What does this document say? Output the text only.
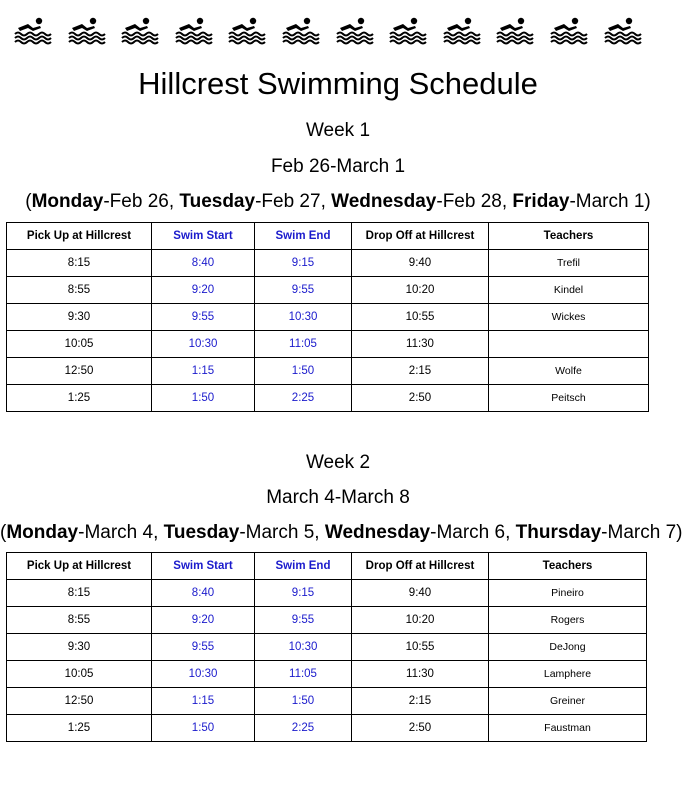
Hillcrest Swimming Schedule
Week 1
Feb 26-March 1
(Monday-Feb 26, Tuesday-Feb 27, Wednesday-Feb 28, Friday-March 1)
Pick Up at Hillcrest	Swim Start	Swim End	Drop Off at Hillcrest	Teachers
8:15	8:40	9:15	9:40	Trefil
8:55	9:20	9:55	10:20	Kindel
9:30	9:55	10:30	10:55	Wickes
10:05	10:30	11:05	11:30	
12:50	1:15	1:50	2:15	Wolfe
1:25	1:50	2:25	2:50	Peitsch
Week 2
March 4-March 8
(Monday-March 4, Tuesday-March 5, Wednesday-March 6, Thursday-March 7)
Pick Up at Hillcrest	Swim Start	Swim End	Drop Off at Hillcrest	Teachers
8:15	8:40	9:15	9:40	Pineiro
8:55	9:20	9:55	10:20	Rogers
9:30	9:55	10:30	10:55	DeJong
10:05	10:30	11:05	11:30	Lamphere
12:50	1:15	1:50	2:15	Greiner
1:25	1:50	2:25	2:50	Faustman
